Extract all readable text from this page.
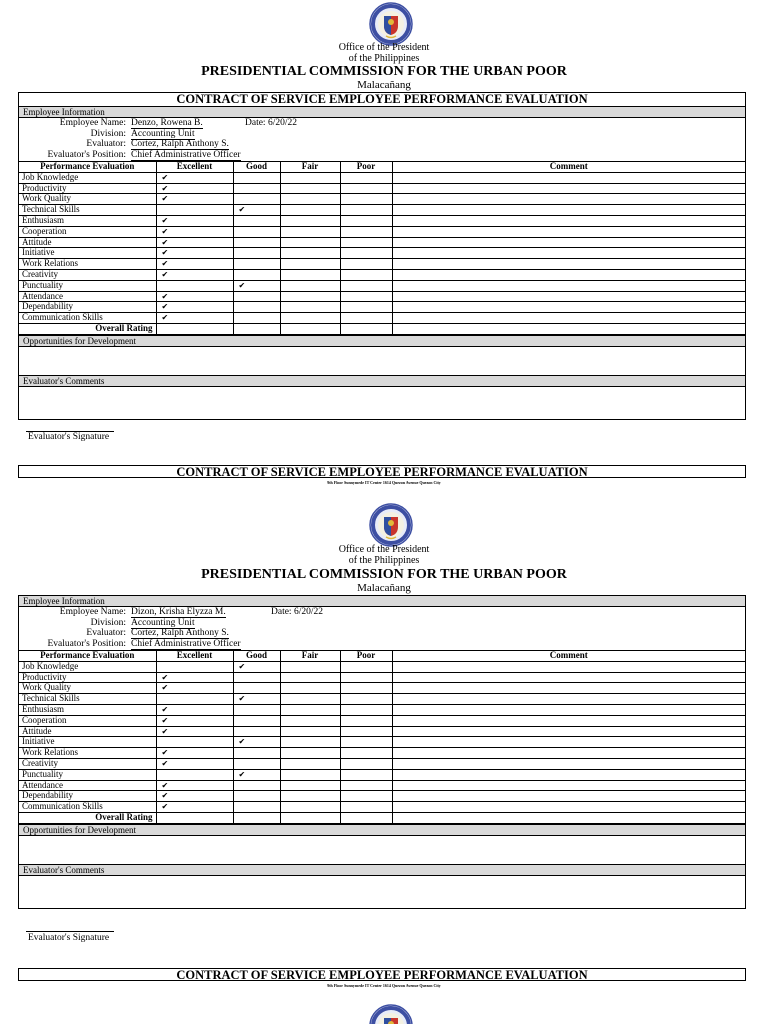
Office of the President
of the Philippines
PRESIDENTIAL COMMISSION FOR THE URBAN POOR
Malacañang
CONTRACT OF SERVICE EMPLOYEE PERFORMANCE EVALUATION
Employee Information
Employee Name: Denzo, Rowena B.	Date: 6/20/22
Division: Accounting Unit
Evaluator: Cortez, Ralph Anthony S.
Evaluator's Position: Chief Administrative Officer
Performance Evaluation	Excellent	Good	Fair	Poor	Comment
Job Knowledge	✔				
Productivity	✔				
Work Quality	✔				
Technical Skills		✔			
Enthusiasm	✔				
Cooperation	✔				
Attitude	✔				
Initiative	✔				
Work Relations	✔				
Creativity	✔				
Punctuality		✔			
Attendance	✔				
Dependability	✔				
Communication Skills	✔				
Overall Rating					
Opportunities for Development
Evaluator's Comments
Evaluator's Signature
CONTRACT OF SERVICE EMPLOYEE PERFORMANCE EVALUATION
9th Floor Sunnymede IT Center 1614 Quezon Avenue Quezon City
Office of the President
of the Philippines
PRESIDENTIAL COMMISSION FOR THE URBAN POOR
Malacañang
Employee Information
Employee Name: Dizon, Krisha Elyzza M.	Date: 6/20/22
Division: Accounting Unit
Evaluator: Cortez, Ralph Anthony S.
Evaluator's Position: Chief Administrative Officer
Performance Evaluation	Excellent	Good	Fair	Poor	Comment
Job Knowledge		✔			
Productivity	✔				
Work Quality	✔				
Technical Skills		✔			
Enthusiasm	✔				
Cooperation	✔				
Attitude	✔				
Initiative		✔			
Work Relations	✔				
Creativity	✔				
Punctuality		✔			
Attendance	✔				
Dependability	✔				
Communication Skills	✔				
Overall Rating					
Opportunities for Development
Evaluator's Comments
Evaluator's Signature
CONTRACT OF SERVICE EMPLOYEE PERFORMANCE EVALUATION
9th Floor Sunnymede IT Center 1614 Quezon Avenue Quezon City
